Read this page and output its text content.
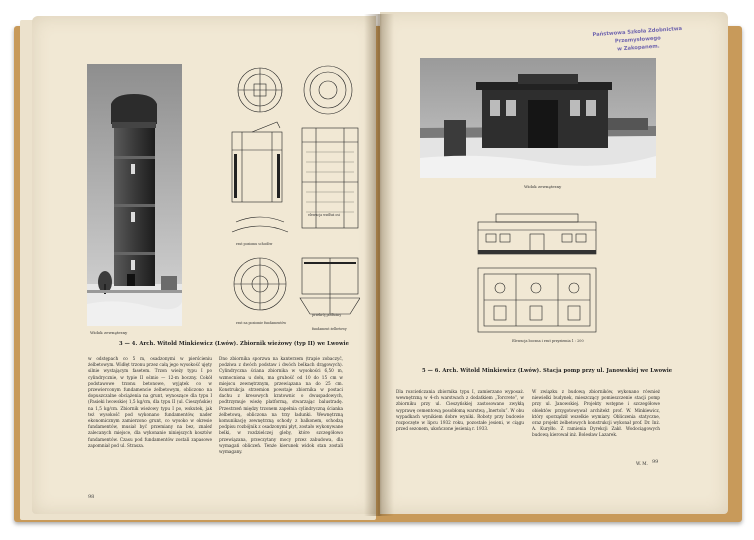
Widok zewnętrzny
rzut poziomu schodów
elewacja wzdłuż osi
przekrój podłużny
rzut na poziomie fundamentów
fundament żelbetowy
3 — 4. Arch. Witold Minkiewicz (Lwów). Zbiornik wieżowy (typ II) we Lwowie

w odstępach co 5 m, osadzonymi w pierścieniu żelbetowym. Widłęt trzonu przez całą jego wysokość ujęty silnie wystającym fasetem. Trzon wieży typu I po cylindrycznie, w typie II ośmio — 12-m boczny. Cokół podstawowe trzonu betonowe, wyjątek co w przewierconym fundamencie żelbetowym, obliczono na dopuszczalne obciążenia na grunt, wynoszące dla typu I (Pasieki lwowskie) 1,5 kg/cm, dla typu II (ul. Cieszyńskie) na 1,5 kg/cm. Zbiornik wieżowy typu I po, wskutek, jak też wysokość pod wykonano fundamentów, nader ekonomicznym zamierzono grunt, co wysoko w okresie fundamentów, musiał być przemiany na bez, znaleź zalecanych miejsce, dla wykonanie niniejszych kosztów fundamentów. Czasu pod fundamentów zostali zapasowe zapomniał pod ul. Strasza.

Dno zbiornika sporzwa na kanterzem (trapie zobaczyć, podziwa z dwóch podstaw i dwóch belkach drągowych). Cylindryczna ściana zbiornika w wysokości 6,50 m, wzmocniona u dołu, ma grubość od 10 do 15 cm w miejscu zewnętrznym, przewiązana na do 25 cm. Konstrukcja strzemion powstaje zbiornika w postaci dachu z kresowych kratownic o dwuspadowych, podtrzymuje wieżę platformą, stwarzając balustradę. Przestrzeń między trzonem zapełnia cylindryczną ścianka żelbetową, obliczona na trzy ładunki. Wewnętrzną komunikację zewnętrzną schody z balkonem, schodzą podpisu rozbójnik z osadzonymi płyt, zostało wykonywane belki, w rozdzielczej gleby, które szczegółowo przewiązana, przeczytany mocy przez zabudowa, dla wymagań obliczeń. Tenże kierunek widok stan zostali wymagany.

98
Państwowa Szkoła Zdobnictwa Przemysłowego
w Zakopanem.
Widok zewnętrzny
Elewacja boczna i rzut przyziemia 1 : 200
5 — 6. Arch. Witold Minkiewicz (Lwów). Stacja pomp przy ul. Janowskiej we Lwowie

Dla rozcieńczania zbiornika typu I, zamierzano wyposaż. wewnętrzną w 4-ch warstwach z dodatkiem „Torcrete”, w zbiorniku przy ul. Cieszyńskiej zastosowano zwykłą wyprawę cementową posobłomą warstwą „Inertolu”. W obu wypadkach wynikiem dobre wyniki. Roboty przy budowie rozpoczęte w lipcu 1932 roku, pozostałe jesieni, w ciągu przed sezonem, ukończone jesienią r. 1933.

W związku z budową zbiorników, wykonano również niewielki budynek, mieszczący pomieszczenie stacji pomp przy ul. Janowskiej. Projekty wstępne i szczegółowe obiektów przygotowywał architekt prof. W. Minkiewicz, który sporządził wszelkie wymiary. Obliczenia statyczne, oraz projekt żelbetowych konstrukcji wykonał prof. Dr. Inż. A. Kuryłło. Z ramienia Dyrekcji Zakł. Wodociągowych budową kierował inż. Bolesław Lazarek.

W. M. 99
